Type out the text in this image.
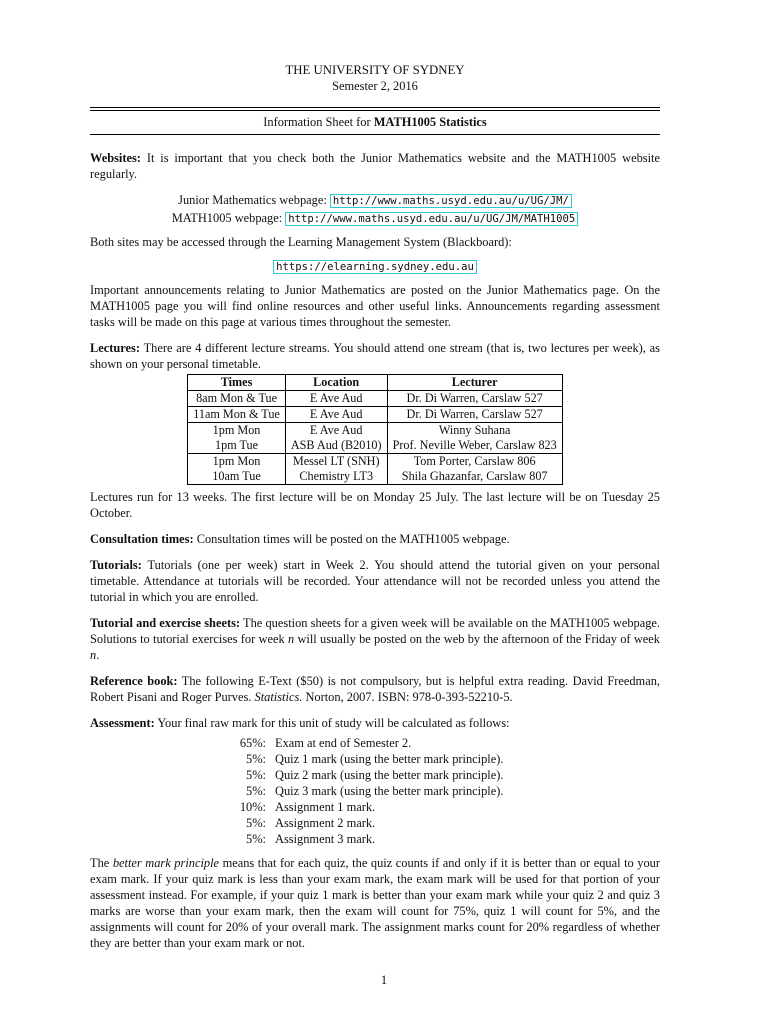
THE UNIVERSITY OF SYDNEY
Semester 2, 2016
Information Sheet for MATH1005 Statistics

Websites: It is important that you check both the Junior Mathematics website and the MATH1005 website regularly.

Junior Mathematics webpage: http://www.maths.usyd.edu.au/u/UG/JM/
MATH1005 webpage: http://www.maths.usyd.edu.au/u/UG/JM/MATH1005

Both sites may be accessed through the Learning Management System (Blackboard):

https://elearning.sydney.edu.au

Important announcements relating to Junior Mathematics are posted on the Junior Mathematics page. On the MATH1005 page you will find online resources and other useful links. Announcements regarding assessment tasks will be made on this page at various times throughout the semester.

Lectures: There are 4 different lecture streams. You should attend one stream (that is, two lectures per week), as shown on your personal timetable.

Times	Location	Lecturer
8am Mon & Tue	E Ave Aud	Dr. Di Warren, Carslaw 527
11am Mon & Tue	E Ave Aud	Dr. Di Warren, Carslaw 527
1pm Mon	E Ave Aud	Winny Suhana
1pm Tue	ASB Aud (B2010)	Prof. Neville Weber, Carslaw 823
1pm Mon	Messel LT (SNH)	Tom Porter, Carslaw 806
10am Tue	Chemistry LT3	Shila Ghazanfar, Carslaw 807

Lectures run for 13 weeks. The first lecture will be on Monday 25 July. The last lecture will be on Tuesday 25 October.

Consultation times: Consultation times will be posted on the MATH1005 webpage.

Tutorials: Tutorials (one per week) start in Week 2. You should attend the tutorial given on your personal timetable. Attendance at tutorials will be recorded. Your attendance will not be recorded unless you attend the tutorial in which you are enrolled.

Tutorial and exercise sheets: The question sheets for a given week will be available on the MATH1005 webpage. Solutions to tutorial exercises for week n will usually be posted on the web by the afternoon of the Friday of week n.

Reference book: The following E-Text ($50) is not compulsory, but is helpful extra reading. David Freedman, Robert Pisani and Roger Purves. Statistics. Norton, 2007. ISBN: 978-0-393-52210-5.

Assessment: Your final raw mark for this unit of study will be calculated as follows:

65%: Exam at end of Semester 2.
5%: Quiz 1 mark (using the better mark principle).
5%: Quiz 2 mark (using the better mark principle).
5%: Quiz 3 mark (using the better mark principle).
10%: Assignment 1 mark.
5%: Assignment 2 mark.
5%: Assignment 3 mark.

The better mark principle means that for each quiz, the quiz counts if and only if it is better than or equal to your exam mark. If your quiz mark is less than your exam mark, the exam mark will be used for that portion of your assessment instead. For example, if your quiz 1 mark is better than your exam mark while your quiz 2 and quiz 3 marks are worse than your exam mark, then the exam will count for 75%, quiz 1 will count for 5%, and the assignments will count for 20% of your overall mark. The assignment marks count for 20% regardless of whether they are better than your exam mark or not.

1
